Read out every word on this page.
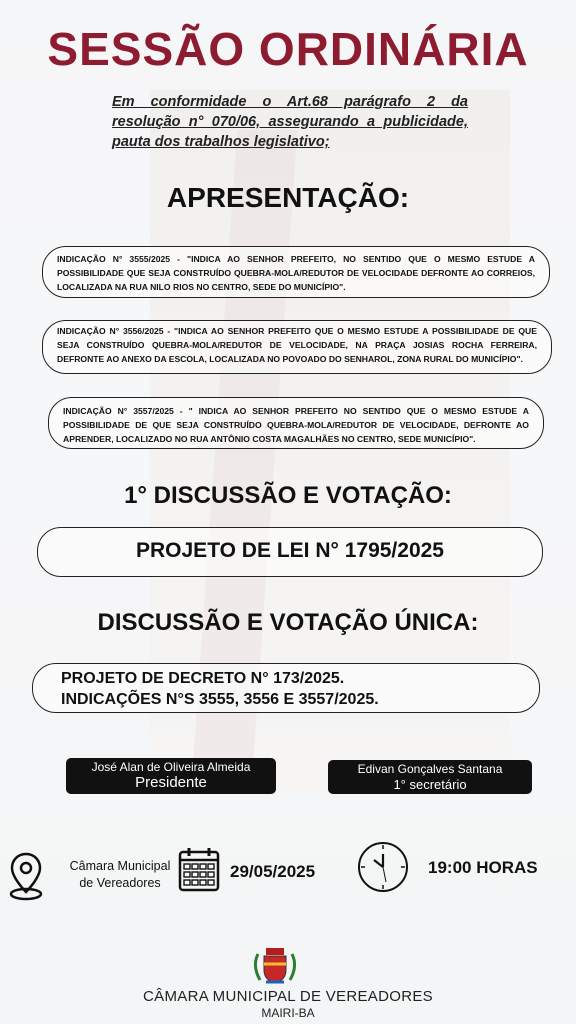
SESSÃO ORDINÁRIA
Em conformidade o Art.68 parágrafo 2 da resolução n° 070/06, assegurando a publicidade, pauta dos trabalhos legislativo;
APRESENTAÇÃO:
INDICAÇÃO N° 3555/2025 - "INDICA AO SENHOR PREFEITO, NO SENTIDO QUE O MESMO ESTUDE A POSSIBILIDADE QUE SEJA CONSTRUÍDO QUEBRA-MOLA/REDUTOR DE VELOCIDADE DEFRONTE AO CORREIOS, LOCALIZADA NA RUA NILO RIOS NO CENTRO, SEDE DO MUNICÍPIO".
INDICAÇÃO N° 3556/2025 - "INDICA AO SENHOR PREFEITO QUE O MESMO ESTUDE A POSSIBILIDADE DE QUE SEJA CONSTRUÍDO QUEBRA-MOLA/REDUTOR DE VELOCIDADE, NA PRAÇA JOSIAS ROCHA FERREIRA, DEFRONTE AO ANEXO DA ESCOLA, LOCALIZADA NO POVOADO DO SENHAROL, ZONA RURAL DO MUNICÍPIO".
INDICAÇÃO N° 3557/2025 - " INDICA AO SENHOR PREFEITO NO SENTIDO QUE O MESMO ESTUDE A POSSIBILIDADE DE QUE SEJA CONSTRUÍDO QUEBRA-MOLA/REDUTOR DE VELOCIDADE, DEFRONTE AO APRENDER, LOCALIZADO NO RUA ANTÔNIO COSTA MAGALHÃES NO CENTRO, SEDE MUNICÍPIO".
1° DISCUSSÃO E VOTAÇÃO:
PROJETO DE LEI N° 1795/2025
DISCUSSÃO E VOTAÇÃO ÚNICA:
PROJETO DE DECRETO N° 173/2025.
INDICAÇÕES N°S 3555, 3556 E 3557/2025.
José Alan de Oliveira Almeida
Presidente
Edivan Gonçalves Santana
1° secretário
Câmara Municipal
de Vereadores
29/05/2025	19:00 HORAS
CÂMARA MUNICIPAL DE VEREADORES
MAIRI-BA
